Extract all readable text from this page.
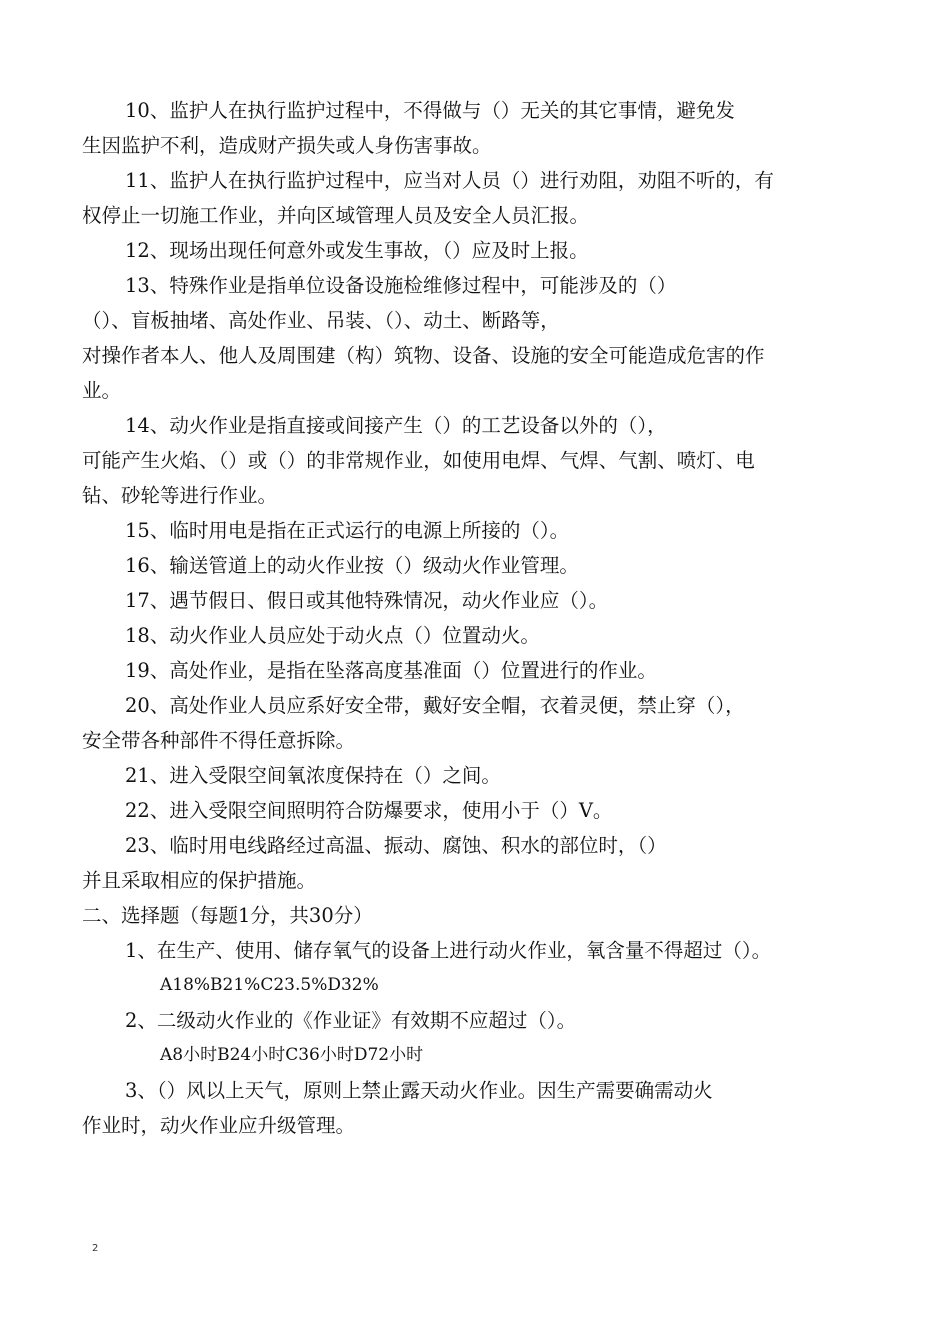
10、监护人在执行监护过程中，不得做与（）无关的其它事情，避免发
生因监护不利，造成财产损失或人身伤害事故。
11、监护人在执行监护过程中，应当对人员（）进行劝阻，劝阻不听的，有
权停止一切施工作业，并向区域管理人员及安全人员汇报。
12、现场出现任何意外或发生事故，（）应及时上报。
13、特殊作业是指单位设备设施检维修过程中，可能涉及的（）
（）、盲板抽堵、高处作业、吊装、（）、动土、断路等，
对操作者本人、他人及周围建（构）筑物、设备、设施的安全可能造成危害的作
业。
14、动火作业是指直接或间接产生（）的工艺设备以外的（），
可能产生火焰、（）或（）的非常规作业，如使用电焊、气焊、气割、喷灯、电
钻、砂轮等进行作业。
15、临时用电是指在正式运行的电源上所接的（）。
16、输送管道上的动火作业按（）级动火作业管理。
17、遇节假日、假日或其他特殊情况，动火作业应（）。
18、动火作业人员应处于动火点（）位置动火。
19、高处作业，是指在坠落高度基准面（）位置进行的作业。
20、高处作业人员应系好安全带，戴好安全帽，衣着灵便，禁止穿（），
安全带各种部件不得任意拆除。
21、进入受限空间氧浓度保持在（）之间。
22、进入受限空间照明符合防爆要求，使用小于（）V。
23、临时用电线路经过高温、振动、腐蚀、积水的部位时，（）
并且采取相应的保护措施。
二、选择题（每题1分，共30分）
1、在生产、使用、储存氧气的设备上进行动火作业，氧含量不得超过（）。
A18%B21%C23.5%D32%
2、二级动火作业的《作业证》有效期不应超过（）。
A8小时B24小时C36小时D72小时
3、（）风以上天气，原则上禁止露天动火作业。因生产需要确需动火
作业时，动火作业应升级管理。
2
